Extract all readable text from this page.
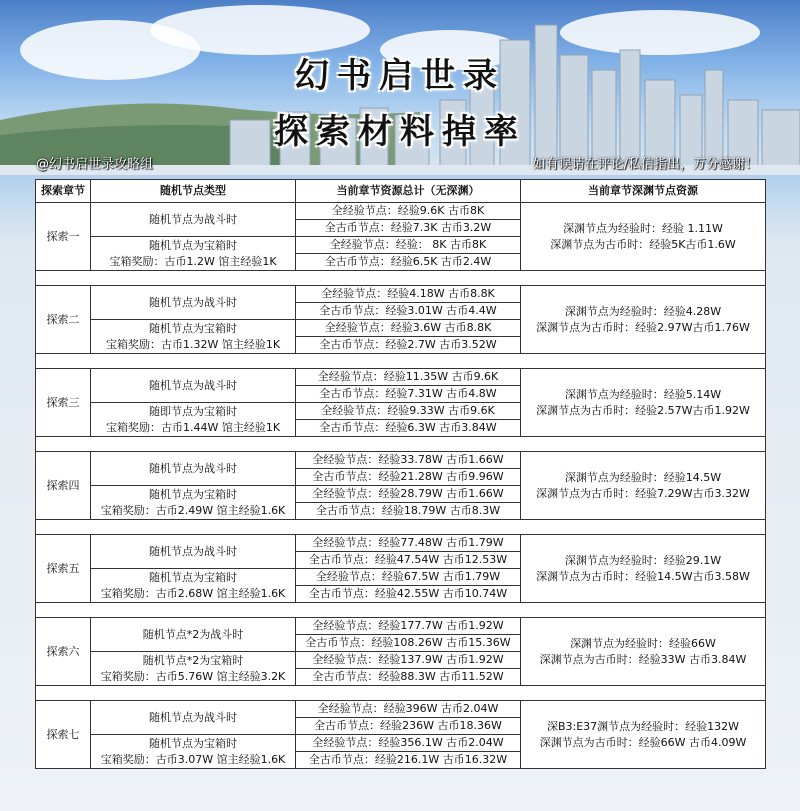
幻书启世录
探索材料掉率
@幻书启世录攻略组	如有误请在评论/私信指出，万分感谢！
探索章节	随机节点类型	当前章节资源总计（无深渊）	当前章节深渊节点资源
探索一	随机节点为战斗时	全经验节点：经验9.6K 古币8K	深渊节点为经验时：经验 1.11W
深渊节点为古币时：经验5K古币1.6W

		全古币节点：经验7.3K 古币3.2W	

	随机节点为宝箱时
宝箱奖励：古币1.2W 馆主经验1K	全经验节点：经验： 8K 古币8K	
		全古币节点：经验6.5K 古币2.4W	

探索二	随机节点为战斗时	全经验节点：经验4.18W 古币8.8K	深渊节点为经验时：经验4.28W
深渊节点为古币时：经验2.97W古币1.76W

		全古币节点：经验3.01W 古币4.4W	

	随机节点为宝箱时
宝箱奖励：古币1.32W 馆主经验1K	全经验节点：经验3.6W 古币8.8K	
		全古币节点：经验2.7W 古币3.52W	

探索三	随机节点为战斗时	全经验节点：经验11.35W 古币9.6K	深渊节点为经验时：经验5.14W
深渊节点为古币时：经验2.57W古币1.92W

		全古币节点：经验7.31W 古币4.8W	

	随即节点为宝箱时
宝箱奖励：古币1.44W 馆主经验1K	全经验节点：经验9.33W 古币9.6K	
		全古币节点：经验6.3W 古币3.84W	

探索四	随机节点为战斗时	全经验节点：经验33.78W 古币1.66W	深渊节点为经验时：经验14.5W
深渊节点为古币时：经验7.29W古币3.32W

		全古币节点：经验21.28W 古币9.96W	

	随机节点为宝箱时
宝箱奖励：古币2.49W 馆主经验1.6K	全经验节点：经验28.79W 古币1.66W	
		全古币节点：经验18.79W 古币8.3W	

探索五	随机节点为战斗时	全经验节点：经验77.48W 古币1.79W	深渊节点为经验时：经验29.1W
深渊节点为古币时：经验14.5W古币3.58W

		全古币节点：经验47.54W 古币12.53W	

	随机节点为宝箱时
宝箱奖励：古币2.68W 馆主经验1.6K	全经验节点：经验67.5W 古币1.79W	
		全古币节点：经验42.55W 古币10.74W	

探索六	随机节点*2为战斗时	全经验节点：经验177.7W 古币1.92W	深渊节点为经验时：经验66W
深渊节点为古币时：经验33W 古币3.84W

		全古币节点：经验108.26W 古币15.36W	

	随机节点*2为宝箱时
宝箱奖励：古币5.76W 馆主经验3.2K	全经验节点：经验137.9W 古币1.92W	
		全古币节点：经验88.3W 古币11.52W	

探索七	随机节点为战斗时	全经验节点：经验396W 古币2.04W	深B3:E37渊节点为经验时：经验132W
深渊节点为古币时：经验66W 古币4.09W

		全古币节点：经验236W 古币18.36W	

	随机节点为宝箱时
宝箱奖励：古币3.07W 馆主经验1.6K	全经验节点：经验356.1W 古币2.04W	
		全古币节点：经验216.1W 古币16.32W	
